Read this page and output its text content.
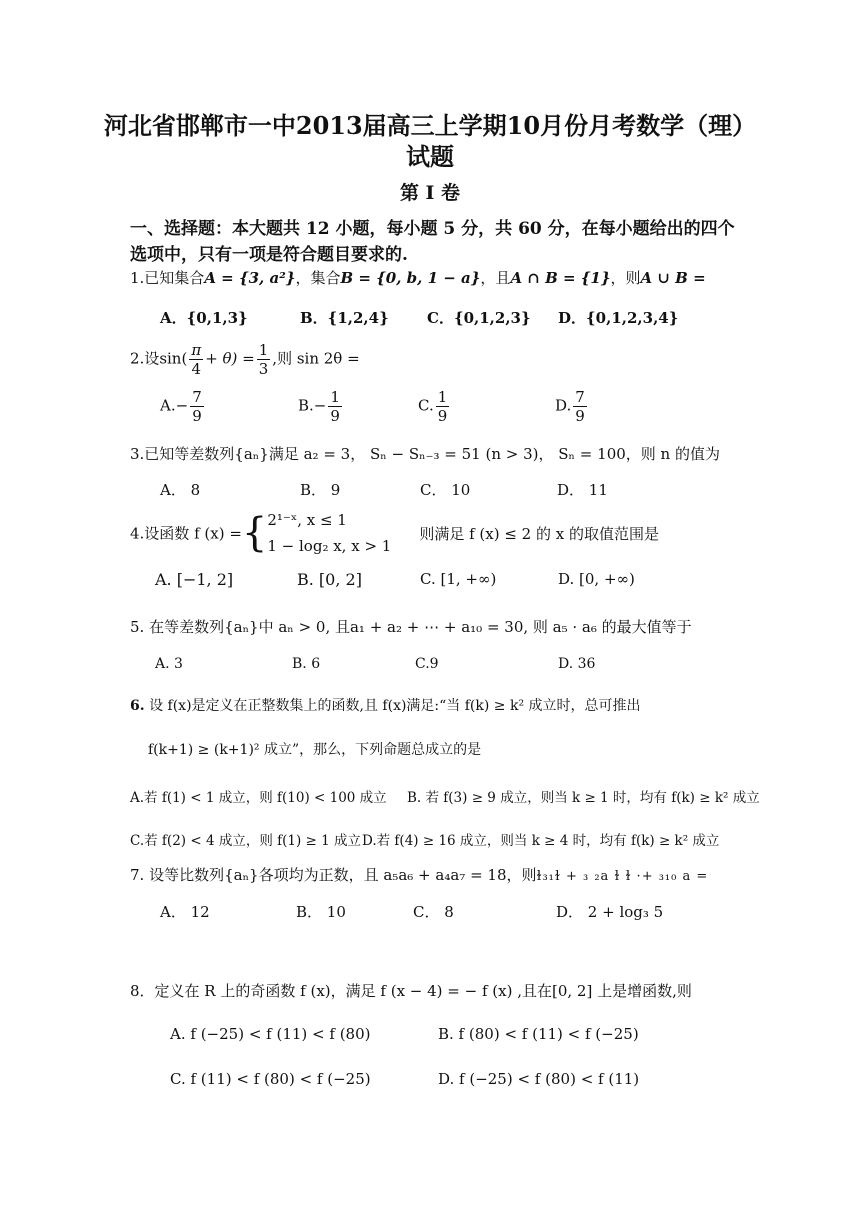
河北省邯郸市一中2013届高三上学期10月份月考数学（理）
试题
第 Ⅰ 卷
一、选择题：本大题共 12 小题，每小题 5 分，共 60 分，在每小题给出的四个
选项中，只有一项是符合题目要求的.
1.已知集合A = {3, a²}，集合B = {0, b, 1 − a}，且A ∩ B = {1}，则A ∪ B =
A．{0,1,3}	B．{1,2,4}	C．{0,1,2,3} D．{0,1,2,3,4}
2.设$\sin( \frac{\pi}{4} + \theta) = \frac{1}{3}$ ,则 sin 2θ =
$A.- \frac{7}{9}$	$B.- \frac{1}{9}$	C. $\frac{1}{9}$	D. $\frac{7}{9}$
3.已知等差数列{aₙ}满足 a₂ = 3， Sₙ − Sₙ₋₃ = 51 (n > 3)， Sₙ = 100，则 n 的值为
A． 8	B． 9	C． 10	D． 11
4.设函数 f (x) ={ 2¹⁻ˣ, x ≤ 1
1 − log₂ x, x > 1
则满足 f (x) ≤ 2 的 x 的取值范围是
A. [−1, 2]	B. [0, 2]	C. [1, +∞)	D. [0, +∞)
5. 在等差数列{aₙ}中 aₙ > 0, 且a₁ + a₂ + ⋯ + a₁₀ = 30, 则 a₅ · a₆ 的最大值等于
A. 3	B. 6	C.9	D. 36
6. 设 f(x)是定义在正整数集上的函数,且 f(x)满足:“当 f(k) ≥ k² 成立时，总可推出
f(k+1) ≥ (k+1)² 成立”，那么，下列命题总成立的是
A.若 f(1) < 1 成立，则 f(10) < 100 成立 B. 若 f(3) ≥ 9 成立，则当 k ≥ 1 时，均有 f(k) ≥ k² 成立
C.若 f(2) < 4 成立，则 f(1) ≥ 1 成立 D.若 f(4) ≥ 16 成立，则当 k ≥ 4 时，均有 f(k) ≥ k² 成立
7. 设等比数列{aₙ}各项均为正数，且 a₅a₆ + a₄a₇ = 18，则ɫ₃₁ɫ + ₃ ₂a ɫ ɫ ·+ ₃₁₀ a =
A． 12	B． 10	C． 8	D． 2 + log₃ 5
8．定义在 R 上的奇函数 f (x)，满足 f (x − 4) = − f (x) ,且在[0, 2] 上是增函数,则
A. f (−25) < f (11) < f (80)	B. f (80) < f (11) < f (−25)
C. f (11) < f (80) < f (−25)	D. f (−25) < f (80) < f (11)
